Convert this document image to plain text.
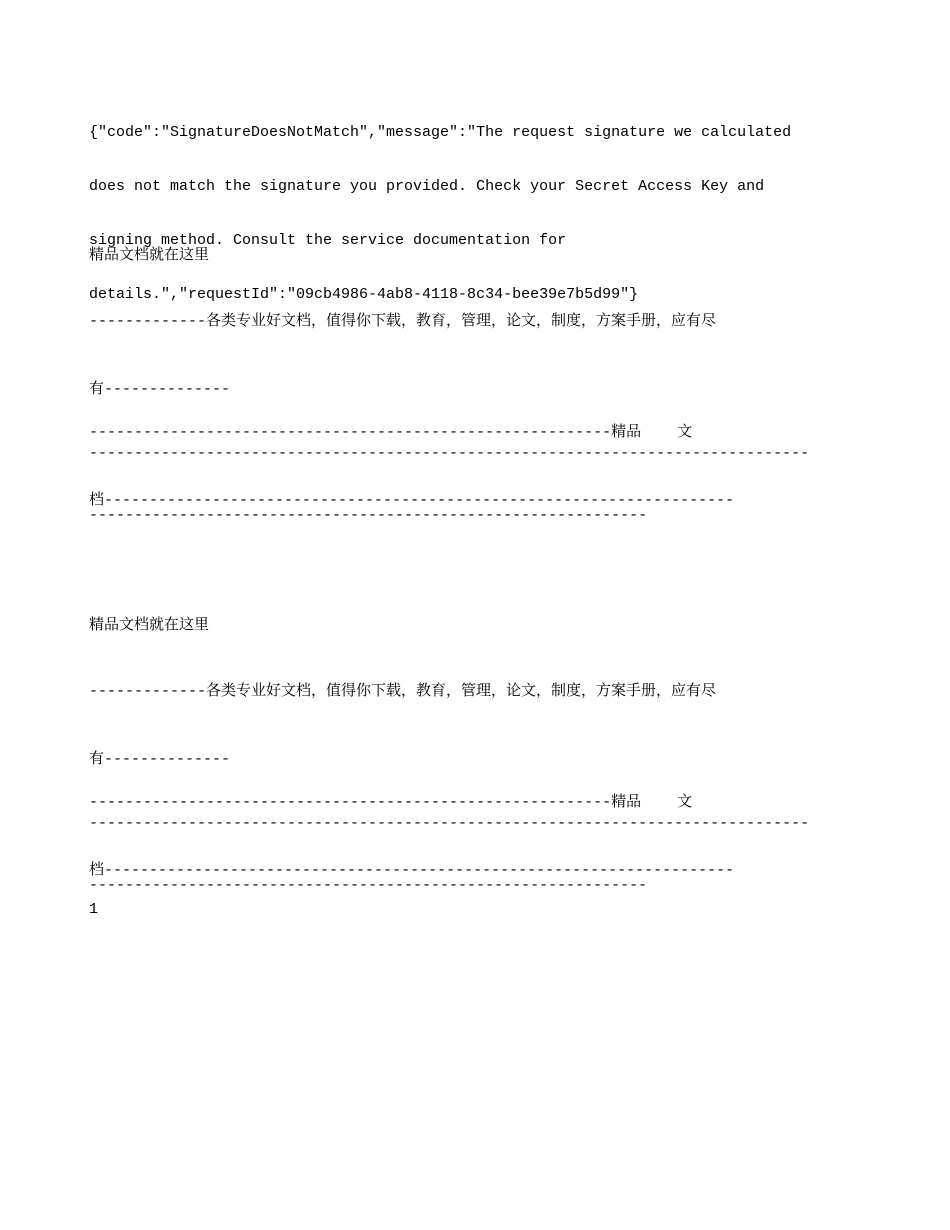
{"code":"SignatureDoesNotMatch","message":"The request signature we calculated

does not match the signature you provided. Check your Secret Access Key and

signing method. Consult the service documentation for

details.","requestId":"09cb4986-4ab8-4118-8c34-bee39e7b5d99"}

精品文档就在这里

-------------各类专业好文档，值得你下载，教育，管理，论文，制度，方案手册，应有尽

有--------------

--------------------------------------------------------------------------------

--------------------------------------------------------------

----------------------------------------------------------精品 文

档----------------------------------------------------------------------

精品文档就在这里

-------------各类专业好文档，值得你下载，教育，管理，论文，制度，方案手册，应有尽

有--------------

--------------------------------------------------------------------------------

--------------------------------------------------------------

----------------------------------------------------------精品 文

档----------------------------------------------------------------------

1
